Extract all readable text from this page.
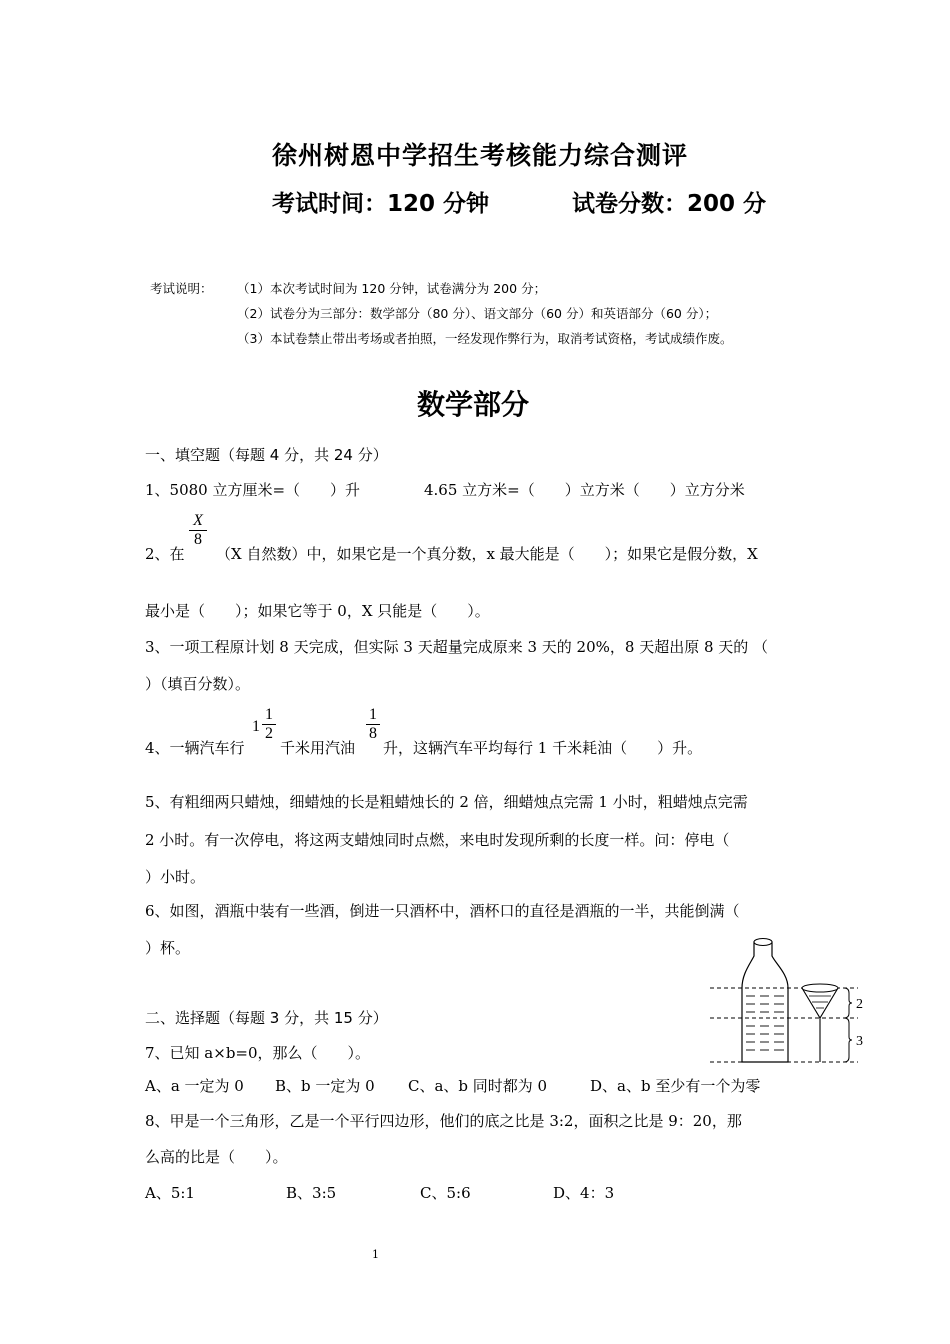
徐州树恩中学招生考核能力综合测评
考试时间：120 分钟	试卷分数：200 分
考试说明： （1）本次考试时间为 120 分钟，试卷满分为 200 分；
（2）试卷分为三部分：数学部分（80 分）、语文部分（60 分）和英语部分（60 分）；
（3）本试卷禁止带出考场或者拍照，一经发现作弊行为，取消考试资格，考试成绩作废。
数学部分
一、填空题（每题 4 分，共 24 分）
1、5080 立方厘米=（　　）升	4.65 立方米=（　　）立方米（　　）立方分米
2、在
X
8
（X 自然数）中，如果它是一个真分数，x 最大能是（　　）；如果它是假分数，X
最小是（　　）；如果它等于 0，X 只能是（　　）。
3、一项工程原计划 8 天完成，但实际 3 天超量完成原来 3 天的 20%，8 天超出原 8 天的 （
）（填百分数）。
4、一辆汽车行
1
1
2
千米用汽油
1
8
升，这辆汽车平均每行 1 千米耗油（　　）升。
5、有粗细两只蜡烛，细蜡烛的长是粗蜡烛长的 2 倍，细蜡烛点完需 1 小时，粗蜡烛点完需
2 小时。有一次停电，将这两支蜡烛同时点燃，来电时发现所剩的长度一样。问：停电（
）小时。
6、如图，酒瓶中装有一些酒，倒进一只酒杯中，酒杯口的直径是酒瓶的一半，共能倒满（
）杯。
2
3
二、选择题（每题 3 分，共 15 分）
7、已知 a×b=0，那么（　　）。
A、a 一定为 0 B、b 一定为 0 C、a、b 同时都为 0	D、a、b 至少有一个为零
8、甲是一个三角形，乙是一个平行四边形，他们的底之比是 3:2，面积之比是 9：20，那
么高的比是（　　）。
A、5:1	B、3:5	C、5:6	D、4：3
1
